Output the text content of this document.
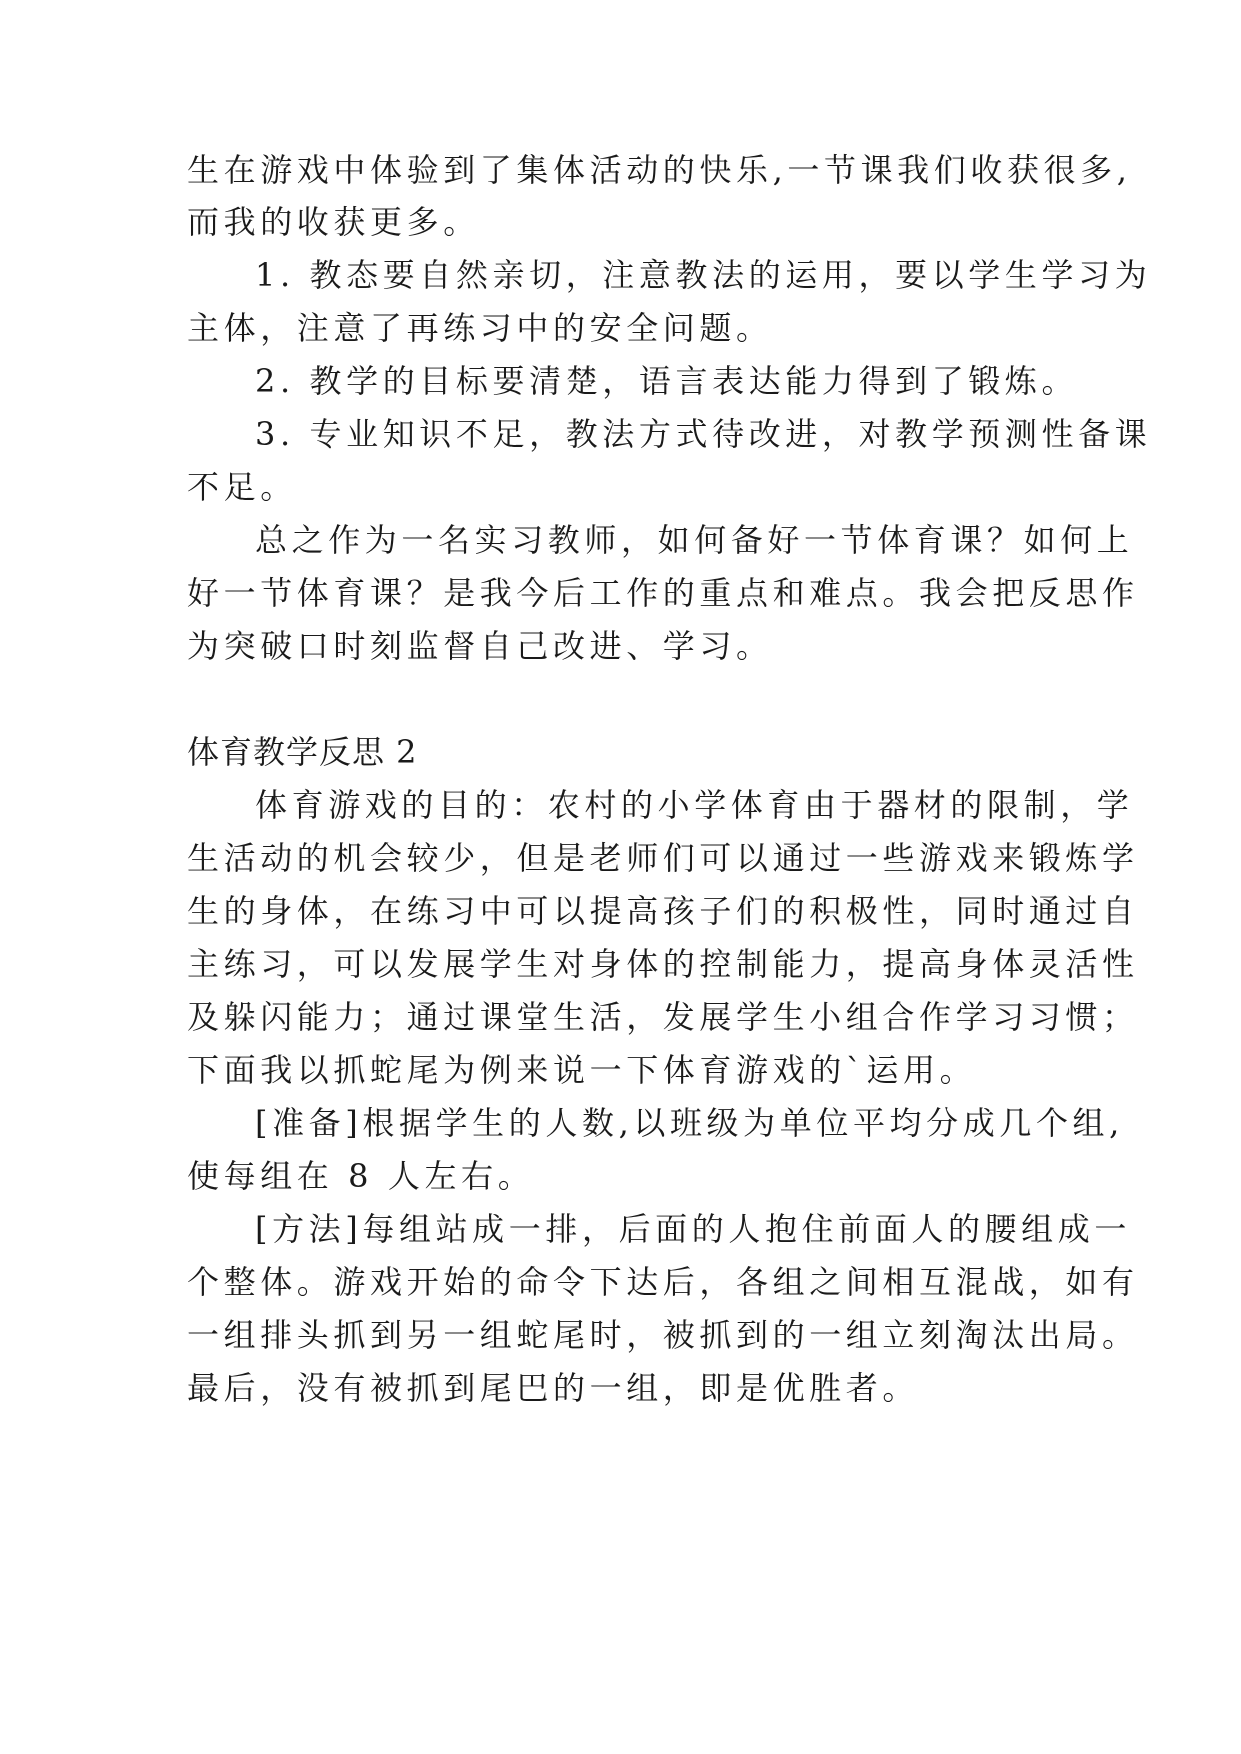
生在游戏中体验到了集体活动的快乐,一节课我们收获很多,
而我的收获更多。
1. 教态要自然亲切，注意教法的运用，要以学生学习为
主体，注意了再练习中的安全问题。
2. 教学的目标要清楚，语言表达能力得到了锻炼。
3. 专业知识不足，教法方式待改进，对教学预测性备课
不足。
总之作为一名实习教师，如何备好一节体育课？如何上
好一节体育课？是我今后工作的重点和难点。我会把反思作
为突破口时刻监督自己改进、学习。
体育教学反思 2
体育游戏的目的：农村的小学体育由于器材的限制，学
生活动的机会较少，但是老师们可以通过一些游戏来锻炼学
生的身体，在练习中可以提高孩子们的积极性，同时通过自
主练习，可以发展学生对身体的控制能力，提高身体灵活性
及躲闪能力；通过课堂生活，发展学生小组合作学习习惯；
下面我以抓蛇尾为例来说一下体育游戏的`运用。
[准备]根据学生的人数,以班级为单位平均分成几个组,
使每组在 8 人左右。
[方法]每组站成一排，后面的人抱住前面人的腰组成一
个整体。游戏开始的命令下达后，各组之间相互混战，如有
一组排头抓到另一组蛇尾时，被抓到的一组立刻淘汰出局。
最后，没有被抓到尾巴的一组，即是优胜者。
